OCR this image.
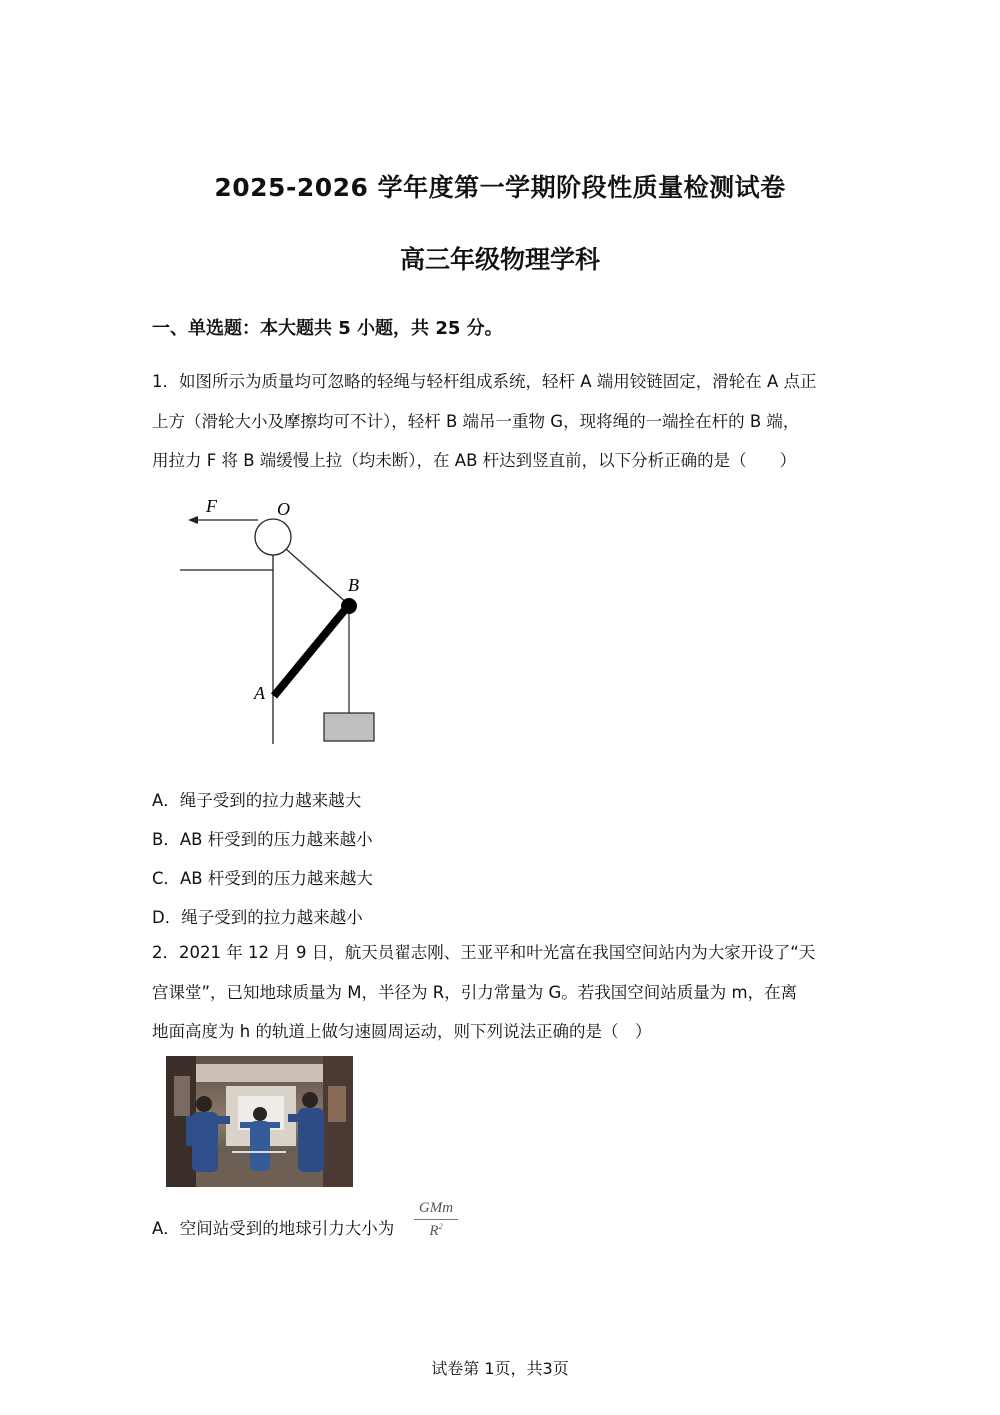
2025-2026 学年度第一学期阶段性质量检测试卷
高三年级物理学科
一、单选题：本大题共 5 小题，共 25 分。
1．如图所示为质量均可忽略的轻绳与轻杆组成系统，轻杆 A 端用铰链固定，滑轮在 A 点正
上方（滑轮大小及摩擦均可不计），轻杆 B 端吊一重物 G，现将绳的一端拴在杆的 B 端，
用拉力 F 将 B 端缓慢上拉（均未断），在 AB 杆达到竖直前，以下分析正确的是（　　）
F	O
B
A
A．绳子受到的拉力越来越大
B．AB 杆受到的压力越来越小
C．AB 杆受到的压力越来越大
D．绳子受到的拉力越来越小
2．2021 年 12 月 9 日，航天员翟志刚、王亚平和叶光富在我国空间站内为大家开设了“天
宫课堂”，已知地球质量为 M，半径为 R，引力常量为 G。若我国空间站质量为 m，在离
地面高度为 h 的轨道上做匀速圆周运动，则下列说法正确的是（　）
A．空间站受到的地球引力大小为
GMm
$R^2$
试卷第 1页，共3页
